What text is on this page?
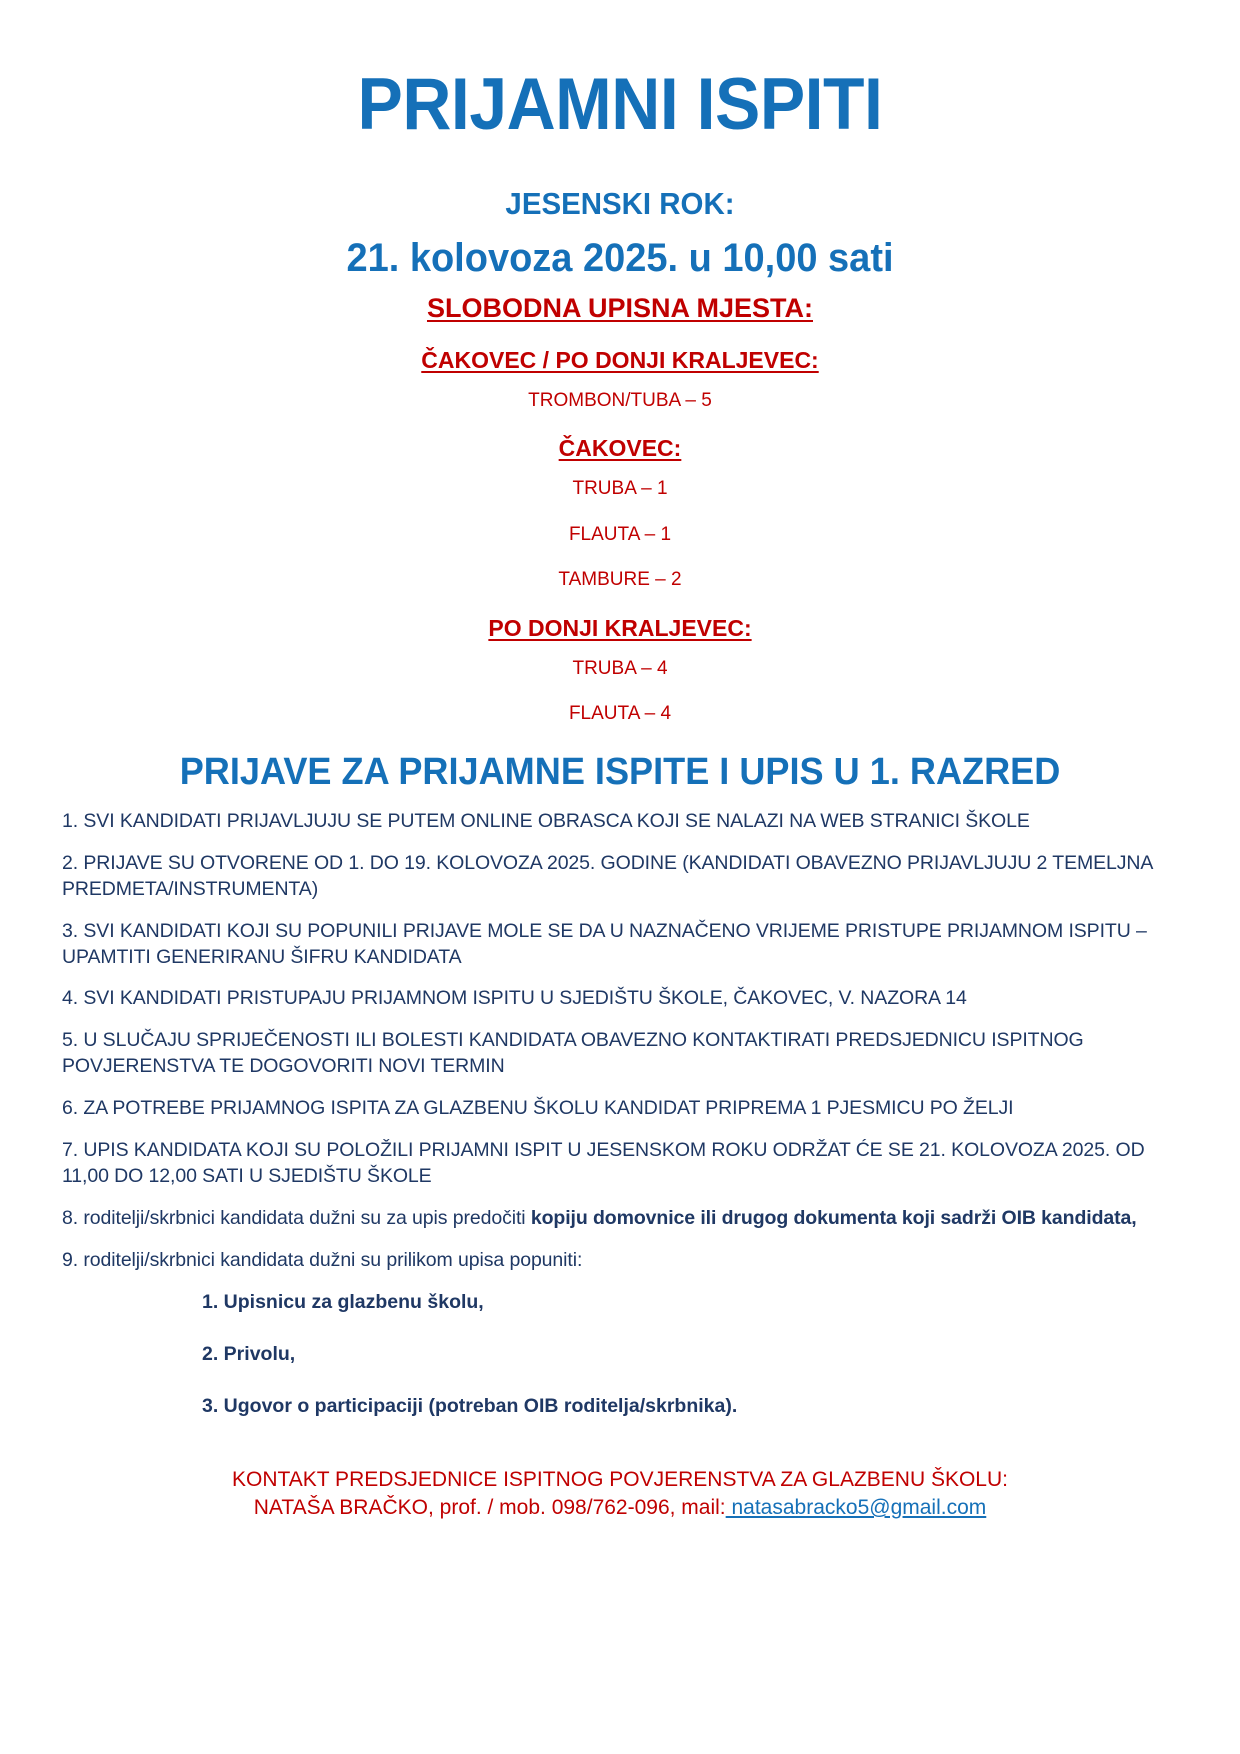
PRIJAMNI ISPITI
JESENSKI ROK:
21. kolovoza 2025. u 10,00 sati
SLOBODNA UPISNA MJESTA:
ČAKOVEC / PO DONJI KRALJEVEC:
TROMBON/TUBA – 5
ČAKOVEC:
TRUBA – 1
FLAUTA – 1
TAMBURE – 2
PO DONJI KRALJEVEC:
TRUBA – 4
FLAUTA – 4
PRIJAVE ZA PRIJAMNE ISPITE I UPIS U 1. RAZRED

1. SVI KANDIDATI PRIJAVLJUJU SE PUTEM ONLINE OBRASCA KOJI SE NALAZI NA WEB STRANICI ŠKOLE

2. PRIJAVE SU OTVORENE OD 1. DO 19. KOLOVOZA 2025. GODINE (KANDIDATI OBAVEZNO PRIJAVLJUJU 2 TEMELJNA PREDMETA/INSTRUMENTA)

3. SVI KANDIDATI KOJI SU POPUNILI PRIJAVE MOLE SE DA U NAZNAČENO VRIJEME PRISTUPE PRIJAMNOM ISPITU – UPAMTITI GENERIRANU ŠIFRU KANDIDATA

4. SVI KANDIDATI PRISTUPAJU PRIJAMNOM ISPITU U SJEDIŠTU ŠKOLE, ČAKOVEC, V. NAZORA 14

5. U SLUČAJU SPRIJEČENOSTI ILI BOLESTI KANDIDATA OBAVEZNO KONTAKTIRATI PREDSJEDNICU ISPITNOG POVJERENSTVA TE DOGOVORITI NOVI TERMIN

6. ZA POTREBE PRIJAMNOG ISPITA ZA GLAZBENU ŠKOLU KANDIDAT PRIPREMA 1 PJESMICU PO ŽELJI

7. UPIS KANDIDATA KOJI SU POLOŽILI PRIJAMNI ISPIT U JESENSKOM ROKU ODRŽAT ĆE SE 21. KOLOVOZA 2025. OD 11,00 DO 12,00 SATI U SJEDIŠTU ŠKOLE

8. roditelji/skrbnici kandidata dužni su za upis predočiti kopiju domovnice ili drugog dokumenta koji sadrži OIB kandidata,

9. roditelji/skrbnici kandidata dužni su prilikom upisa popuniti:

1. Upisnicu za glazbenu školu,
2. Privolu,
3. Ugovor o participaciji (potreban OIB roditelja/skrbnika).
KONTAKT PREDSJEDNICE ISPITNOG POVJERENSTVA ZA GLAZBENU ŠKOLU:
NATAŠA BRAČKO, prof. / mob. 098/762-096, mail: natasabracko5@gmail.com
